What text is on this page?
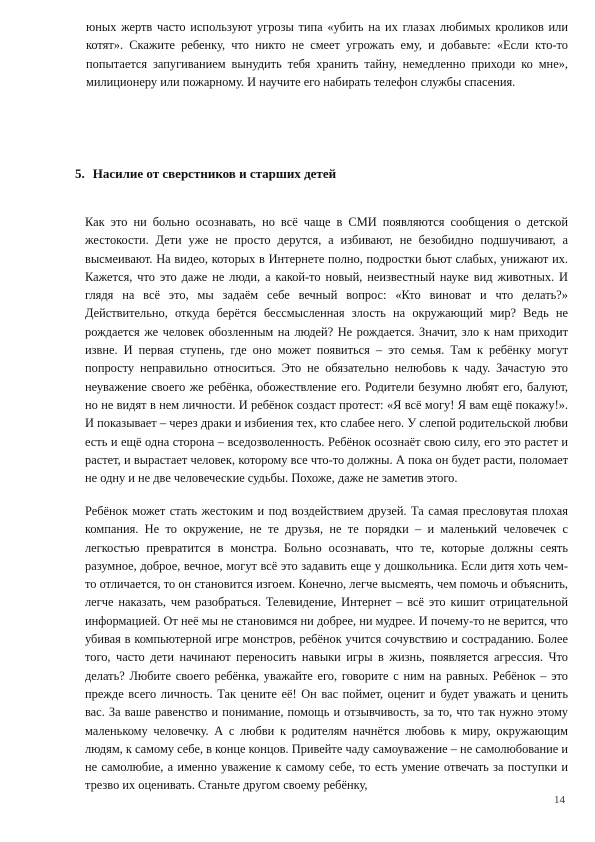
юных жертв часто используют угрозы типа «убить на их глазах любимых кроликов или котят». Скажите ребенку, что никто не смеет угрожать ему, и добавьте: «Если кто-то попытается запугиванием вынудить тебя хранить тайну, немедленно приходи ко мне», милиционеру или пожарному. И научите его набирать телефон службы спасения.
5. Насилие от сверстников и старших детей
Как это ни больно осознавать, но всё чаще в СМИ появляются сообщения о детской жестокости. Дети уже не просто дерутся, а избивают, не безобидно подшучивают, а высмеивают. На видео, которых в Интернете полно, подростки бьют слабых, унижают их. Кажется, что это даже не люди, а какой-то новый, неизвестный науке вид животных. И глядя на всё это, мы задаём себе вечный вопрос: «Кто виноват и что делать?» Действительно, откуда берётся бессмысленная злость на окружающий мир? Ведь не рождается же человек обозленным на людей? Не рождается. Значит, зло к нам приходит извне. И первая ступень, где оно может появиться – это семья. Там к ребёнку могут попросту неправильно относиться. Это не обязательно нелюбовь к чаду. Зачастую это неуважение своего же ребёнка, обожествление его. Родители безумно любят его, балуют, но не видят в нем личности. И ребёнок создаст протест: «Я всё могу! Я вам ещё покажу!». И показывает – через драки и избиения тех, кто слабее него. У слепой родительской любви есть и ещё одна сторона – вседозволенность. Ребёнок осознаёт свою силу, его это растет и растет, и вырастает человек, которому все что-то должны. А пока он будет расти, поломает не одну и не две человеческие судьбы. Похоже, даже не заметив этого.
Ребёнок может стать жестоким и под воздействием друзей. Та самая пресловутая плохая компания. Не то окружение, не те друзья, не те порядки – и маленький человечек с легкостью превратится в монстра. Больно осознавать, что те, которые должны сеять разумное, доброе, вечное, могут всё это задавить еще у дошкольника. Если дитя хоть чем-то отличается, то он становится изгоем. Конечно, легче высмеять, чем помочь и объяснить, легче наказать, чем разобраться. Телевидение, Интернет – всё это кишит отрицательной информацией. От неё мы не становимся ни добрее, ни мудрее. И почему-то не верится, что убивая в компьютерной игре монстров, ребёнок учится сочувствию и состраданию. Более того, часто дети начинают переносить навыки игры в жизнь, появляется агрессия. Что делать? Любите своего ребёнка, уважайте его, говорите с ним на равных. Ребёнок – это прежде всего личность. Так цените её! Он вас поймет, оценит и будет уважать и ценить вас. За ваше равенство и понимание, помощь и отзывчивость, за то, что так нужно этому маленькому человечку. А с любви к родителям начнётся любовь к миру, окружающим людям, к самому себе, в конце концов. Привейте чаду самоуважение – не самолюбование и не самолюбие, а именно уважение к самому себе, то есть умение отвечать за поступки и трезво их оценивать. Станьте другом своему ребёнку,
14
